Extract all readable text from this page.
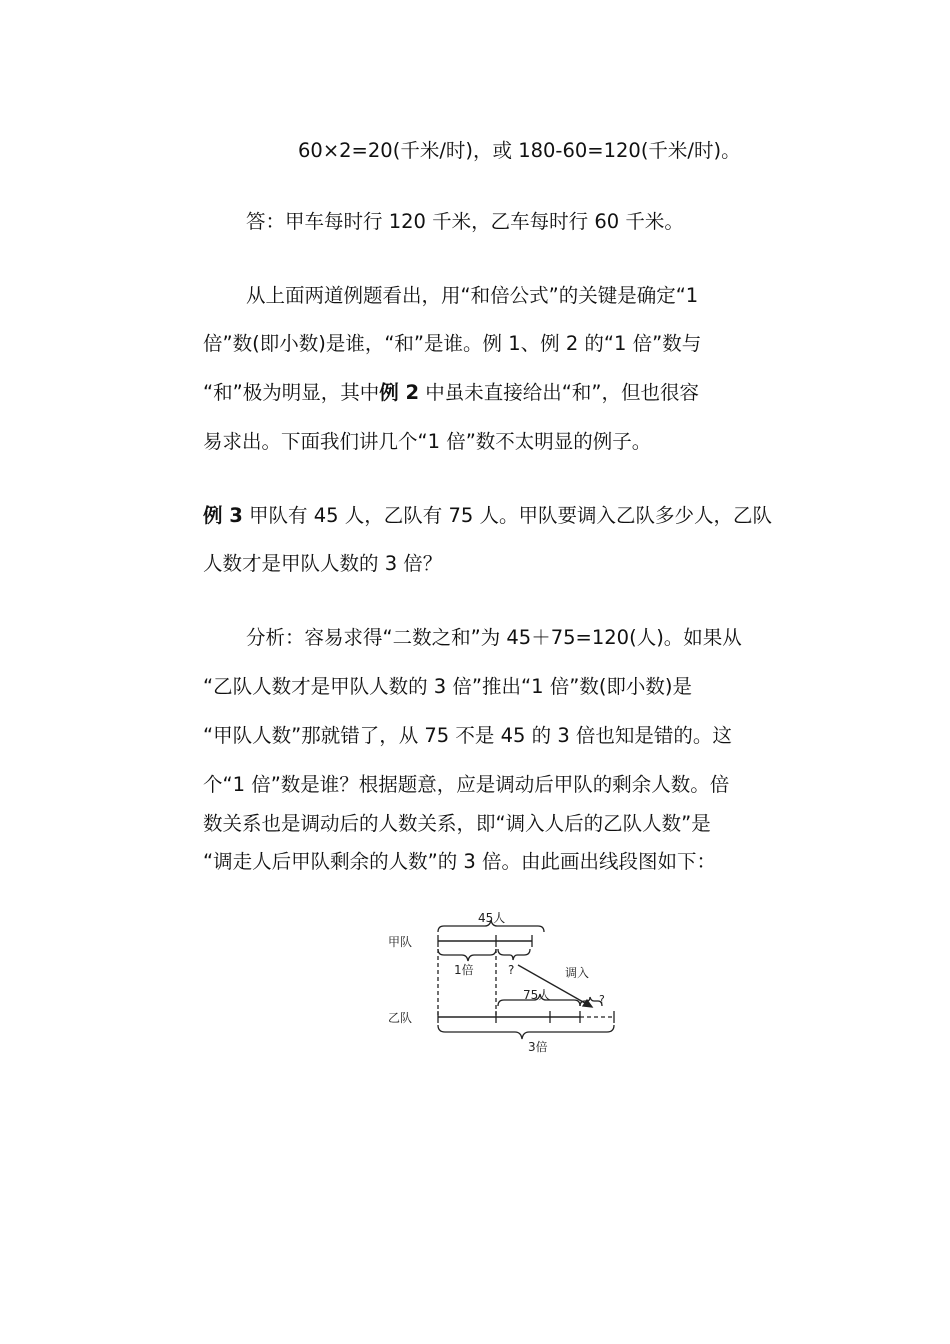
60×2=20(千米/时)，或 180-60=120(千米/时)。
答：甲车每时行 120 千米，乙车每时行 60 千米。
从上面两道例题看出，用“和倍公式”的关键是确定“1
倍”数(即小数)是谁，“和”是谁。例 1、例 2 的“1 倍”数与
“和”极为明显，其中例 2 中虽未直接给出“和”，但也很容
易求出。下面我们讲几个“1 倍”数不太明显的例子。
例 3 甲队有 45 人，乙队有 75 人。甲队要调入乙队多少人，乙队
人数才是甲队人数的 3 倍？
分析：容易求得“二数之和”为 45＋75=120(人)。如果从
“乙队人数才是甲队人数的 3 倍”推出“1 倍”数(即小数)是
“甲队人数”那就错了，从 75 不是 45 的 3 倍也知是错的。这
个“1 倍”数是谁？根据题意，应是调动后甲队的剩余人数。倍
数关系也是调动后的人数关系，即“调入人后的乙队人数”是
“调走人后甲队剩余的人数”的 3 倍。由此画出线段图如下：
甲队
乙队
45人
1倍	?	调入
75人	?
3倍
